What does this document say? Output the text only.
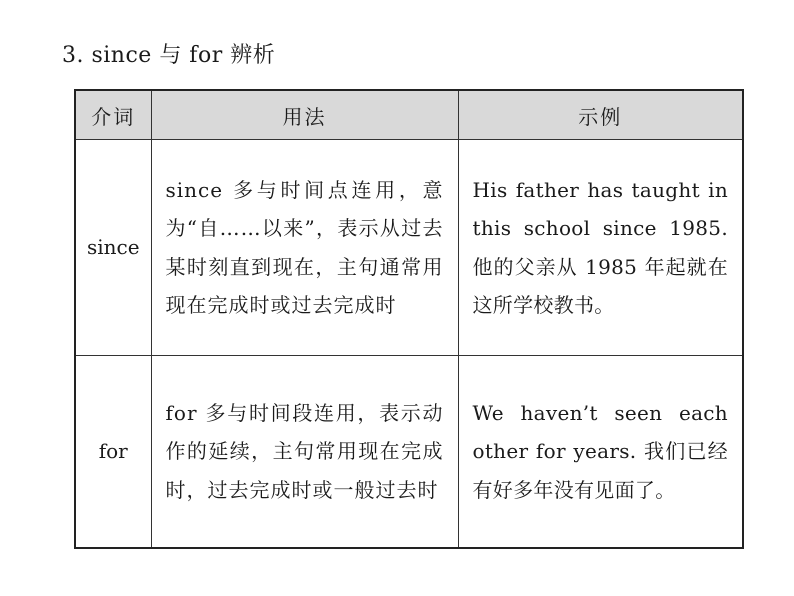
3. since 与 for 辨析
介词	用法	示例
since	since 多与时间点连用，意为“自……以来”，表示从过去某时刻直到现在，主句通常用现在完成时或过去完成时	His father has taught in this school since 1985. 他的父亲从 1985 年起就在这所学校教书。

for	for 多与时间段连用，表示动作的延续，主句常用现在完成时，过去完成时或一般过去时	We haven’t seen each other for years. 我们已经有好多年没有见面了。
